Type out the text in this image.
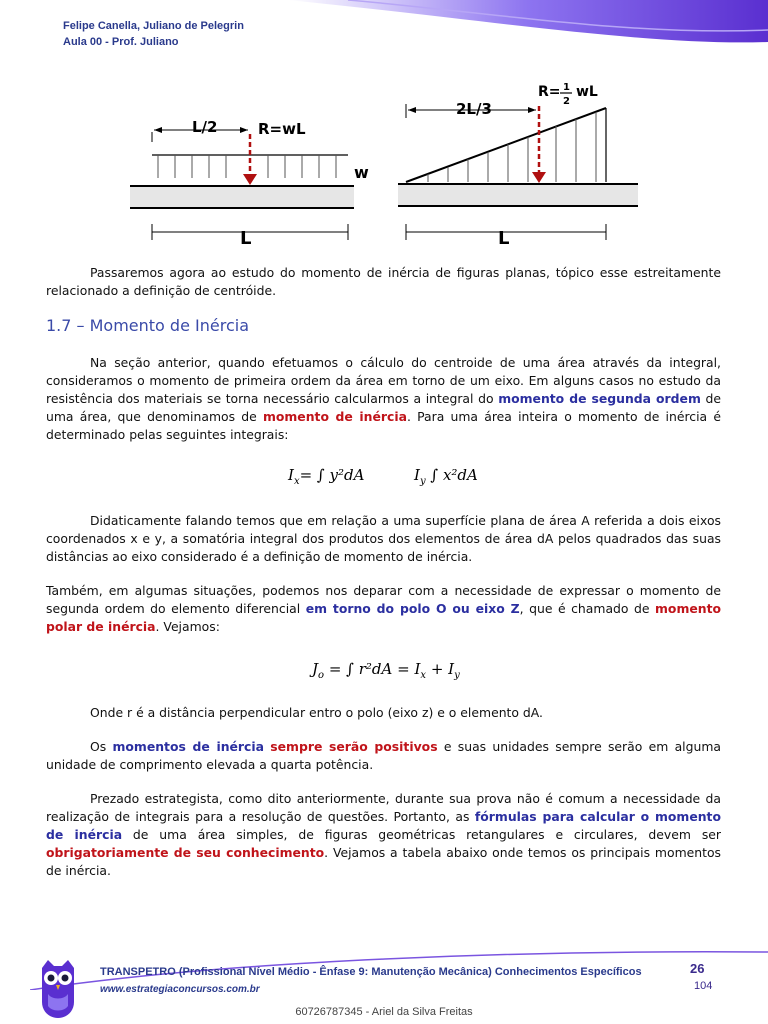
Felipe Canella, Juliano de Pelegrin
Aula 00 - Prof. Juliano
L/2	R=wL
w
L
2L/3
R= 1
2
wL
L
Passaremos agora ao estudo do momento de inércia de figuras planas, tópico esse estreitamente relacionado a definição de centróide.
1.7 – Momento de Inércia
Na seção anterior, quando efetuamos o cálculo do centroide de uma área através da integral, consideramos o momento de primeira ordem da área em torno de um eixo. Em alguns casos no estudo da resistência dos materiais se torna necessário calcularmos a integral do momento de segunda ordem de uma área, que denominamos de momento de inércia. Para uma área inteira o momento de inércia é determinado pelas seguintes integrais:
$I_x=$ ∫ y²dA	$I_y$ ∫ x²dA
Didaticamente falando temos que em relação a uma superfície plana de área A referida a dois eixos coordenados x e y, a somatória integral dos produtos dos elementos de área dA pelos quadrados das suas distâncias ao eixo considerado é a definição de momento de inércia.
Também, em algumas situações, podemos nos deparar com a necessidade de expressar o momento de segunda ordem do elemento diferencial em torno do polo O ou eixo Z, que é chamado de momento polar de inércia. Vejamos:
$J_o$ = ∫ $r^2dA = I_x + I_y$
Onde r é a distância perpendicular entro o polo (eixo z) e o elemento dA.
Os momentos de inércia sempre serão positivos e suas unidades sempre serão em alguma unidade de comprimento elevada a quarta potência.
Prezado estrategista, como dito anteriormente, durante sua prova não é comum a necessidade da realização de integrais para a resolução de questões. Portanto, as fórmulas para calcular o momento de inércia de uma área simples, de figuras geométricas retangulares e circulares, devem ser obrigatoriamente de seu conhecimento. Vejamos a tabela abaixo onde temos os principais momentos de inércia.
TRANSPETRO (Profissional Nível Médio - Ênfase 9: Manutenção Mecânica) Conhecimentos Específicos
www.estrategiaconcursos.com.br
26
104
60726787345 - Ariel da Silva Freitas
